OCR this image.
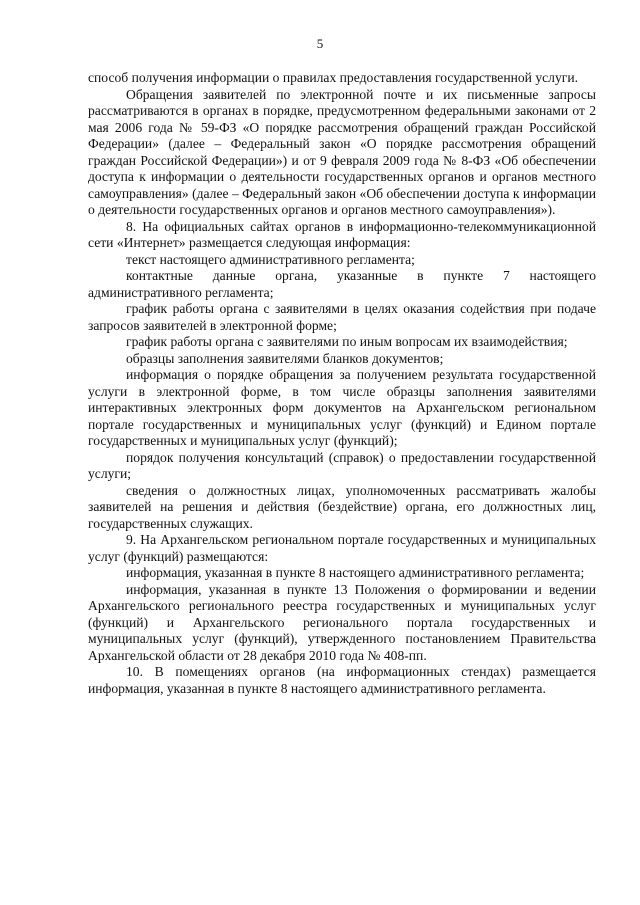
5

способ получения информации о правилах предоставления государственной услуги.

Обращения заявителей по электронной почте и их письменные запросы рассматриваются в органах в порядке, предусмотренном федеральными законами от 2 мая 2006 года № 59-ФЗ «О порядке рассмотрения обращений граждан Российской Федерации» (далее – Федеральный закон «О порядке рассмотрения обращений граждан Российской Федерации») и от 9 февраля 2009 года № 8-ФЗ «Об обеспечении доступа к информации о деятельности государственных органов и органов местного самоуправления» (далее – Федеральный закон «Об обеспечении доступа к информации о деятельности государственных органов и органов местного самоуправления»).

8. На официальных сайтах органов в информационно-телекоммуникационной сети «Интернет» размещается следующая информация:

текст настоящего административного регламента;

контактные данные органа, указанные в пункте 7 настоящего административного регламента;

график работы органа с заявителями в целях оказания содействия при подаче запросов заявителей в электронной форме;

график работы органа с заявителями по иным вопросам их взаимодействия;

образцы заполнения заявителями бланков документов;

информация о порядке обращения за получением результата государственной услуги в электронной форме, в том числе образцы заполнения заявителями интерактивных электронных форм документов на Архангельском региональном портале государственных и муниципальных услуг (функций) и Едином портале государственных и муниципальных услуг (функций);

порядок получения консультаций (справок) о предоставлении государственной услуги;

сведения о должностных лицах, уполномоченных рассматривать жалобы заявителей на решения и действия (бездействие) органа, его должностных лиц, государственных служащих.

9. На Архангельском региональном портале государственных и муниципальных услуг (функций) размещаются:

информация, указанная в пункте 8 настоящего административного регламента;

информация, указанная в пункте 13 Положения о формировании и ведении Архангельского регионального реестра государственных и муниципальных услуг (функций) и Архангельского регионального портала государственных и муниципальных услуг (функций), утвержденного постановлением Правительства Архангельской области от 28 декабря 2010 года № 408-пп.

10. В помещениях органов (на информационных стендах) размещается информация, указанная в пункте 8 настоящего административного регламента.
